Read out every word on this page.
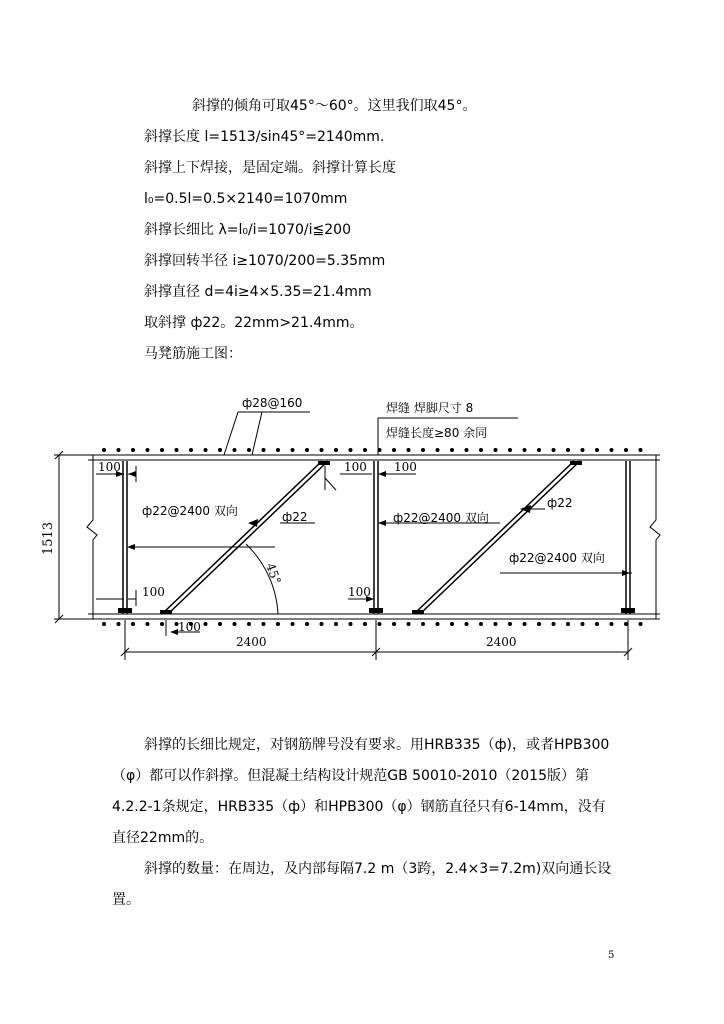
斜撑的倾角可取45°～60°。这里我们取45°。
斜撑长度 l=1513/sin45°=2140mm.
斜撑上下焊接，是固定端。斜撑计算长度
l₀=0.5l=0.5×2140=1070mm
斜撑长细比 λ=l₀/i=1070/i≦200
斜撑回转半径 i≥1070/200=5.35mm
斜撑直径 d=4i≥4×5.35=21.4mm
取斜撑 ф22。22mm>21.4mm。
马凳筋施工图：
ф28@160	焊缝 焊脚尺寸 8
焊缝长度≥80 余同
1513
2400	2400
100	100 100
100	100
100
ф22@2400 双向	ф22@2400 双向
ф22@2400 双向
ф22
ф22
45°
斜撑的长细比规定，对钢筋牌号没有要求。用HRB335（ф)，或者HPB300（φ）都可以作斜撑。但混凝土结构设计规范GB 50010-2010（2015版）第4.2.2-1条规定，HRB335（ф）和HPB300（φ）钢筋直径只有6-14mm，没有直径22mm的。
斜撑的数量：在周边，及内部每隔7.2 m（3跨，2.4×3=7.2m)双向通长设置。
5
